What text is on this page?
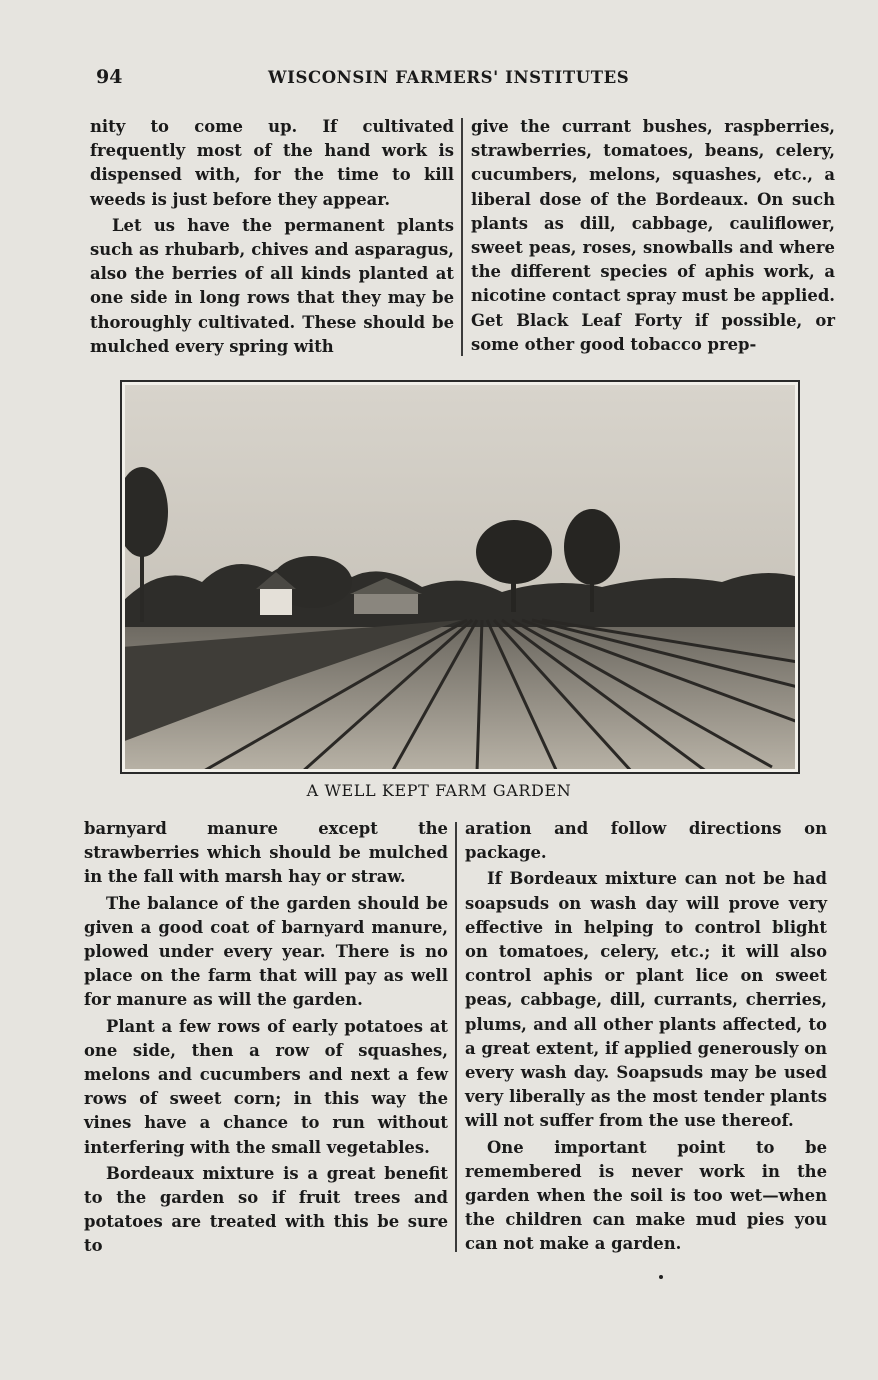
94	WISCONSIN FARMERS' INSTITUTES

nity to come up. If cultivated frequently most of the hand work is dispensed with, for the time to kill weeds is just before they appear.

Let us have the permanent plants such as rhubarb, chives and asparagus, also the berries of all kinds planted at one side in long rows that they may be thoroughly cultivated. These should be mulched every spring with

give the currant bushes, raspberries, strawberries, tomatoes, beans, celery, cucumbers, melons, squashes, etc., a liberal dose of the Bordeaux. On such plants as dill, cabbage, cauliflower, sweet peas, roses, snowballs and where the different species of aphis work, a nicotine contact spray must be applied. Get Black Leaf Forty if possible, or some other good tobacco prep-

A WELL KEPT FARM GARDEN

barnyard manure except the strawberries which should be mulched in the fall with marsh hay or straw.

The balance of the garden should be given a good coat of barnyard manure, plowed under every year. There is no place on the farm that will pay as well for manure as will the garden.

Plant a few rows of early potatoes at one side, then a row of squashes, melons and cucumbers and next a few rows of sweet corn; in this way the vines have a chance to run without interfering with the small vegetables.

Bordeaux mixture is a great benefit to the garden so if fruit trees and potatoes are treated with this be sure to

aration and follow directions on package.

If Bordeaux mixture can not be had soapsuds on wash day will prove very effective in helping to control blight on tomatoes, celery, etc.; it will also control aphis or plant lice on sweet peas, cabbage, dill, currants, cherries, plums, and all other plants affected, to a great extent, if applied generously on every wash day. Soapsuds may be used very liberally as the most tender plants will not suffer from the use thereof.

One important point to be remembered is never work in the garden when the soil is too wet—when the children can make mud pies you can not make a garden.
